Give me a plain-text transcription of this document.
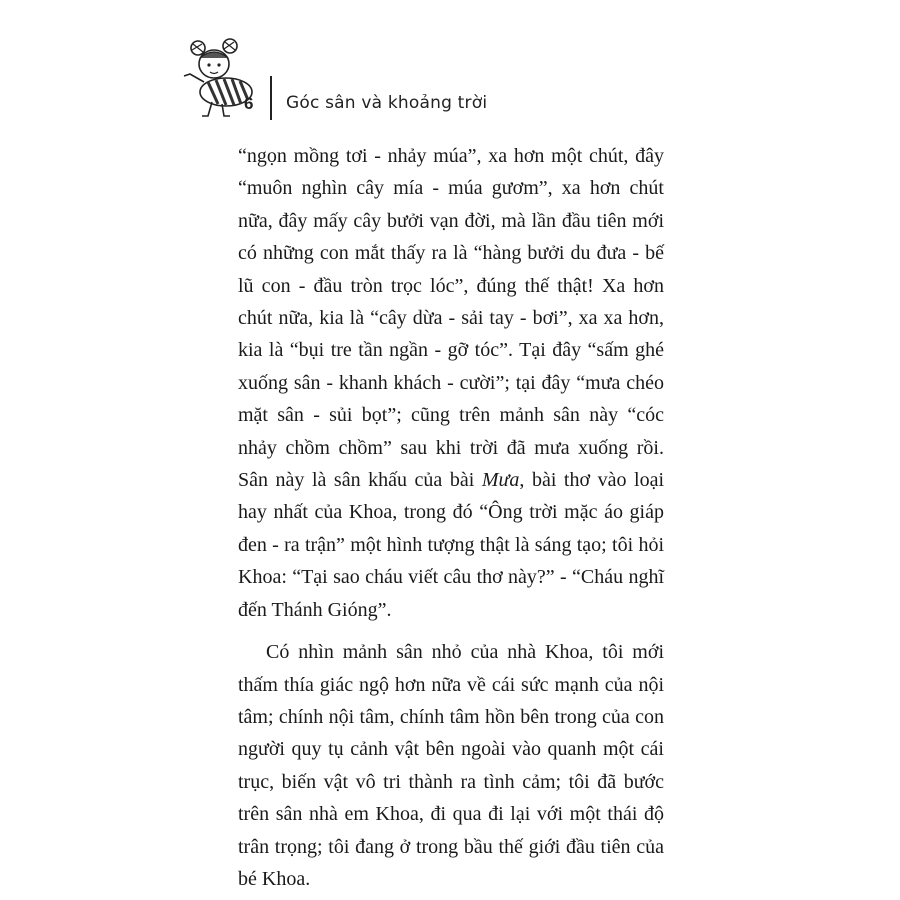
6 Góc sân và khoảng trời

“ngọn mồng tơi - nhảy múa”, xa hơn một chút, đây “muôn nghìn cây mía - múa gươm”, xa hơn chút nữa, đây mấy cây bưởi vạn đời, mà lần đầu tiên mới có những con mắt thấy ra là “hàng bưởi du đưa - bế lũ con - đầu tròn trọc lóc”, đúng thế thật! Xa hơn chút nữa, kia là “cây dừa - sải tay - bơi”, xa xa hơn, kia là “bụi tre tần ngần - gỡ tóc”. Tại đây “sấm ghé xuống sân - khanh khách - cười”; tại đây “mưa chéo mặt sân - sủi bọt”; cũng trên mảnh sân này “cóc nhảy chồm chồm” sau khi trời đã mưa xuống rồi. Sân này là sân khấu của bài Mưa, bài thơ vào loại hay nhất của Khoa, trong đó “Ông trời mặc áo giáp đen - ra trận” một hình tượng thật là sáng tạo; tôi hỏi Khoa: “Tại sao cháu viết câu thơ này?” - “Cháu nghĩ đến Thánh Gióng”.

Có nhìn mảnh sân nhỏ của nhà Khoa, tôi mới thấm thía giác ngộ hơn nữa về cái sức mạnh của nội tâm; chính nội tâm, chính tâm hồn bên trong của con người quy tụ cảnh vật bên ngoài vào quanh một cái trục, biến vật vô tri thành ra tình cảm; tôi đã bước trên sân nhà em Khoa, đi qua đi lại với một thái độ trân trọng; tôi đang ở trong bầu thế giới đầu tiên của bé Khoa.
